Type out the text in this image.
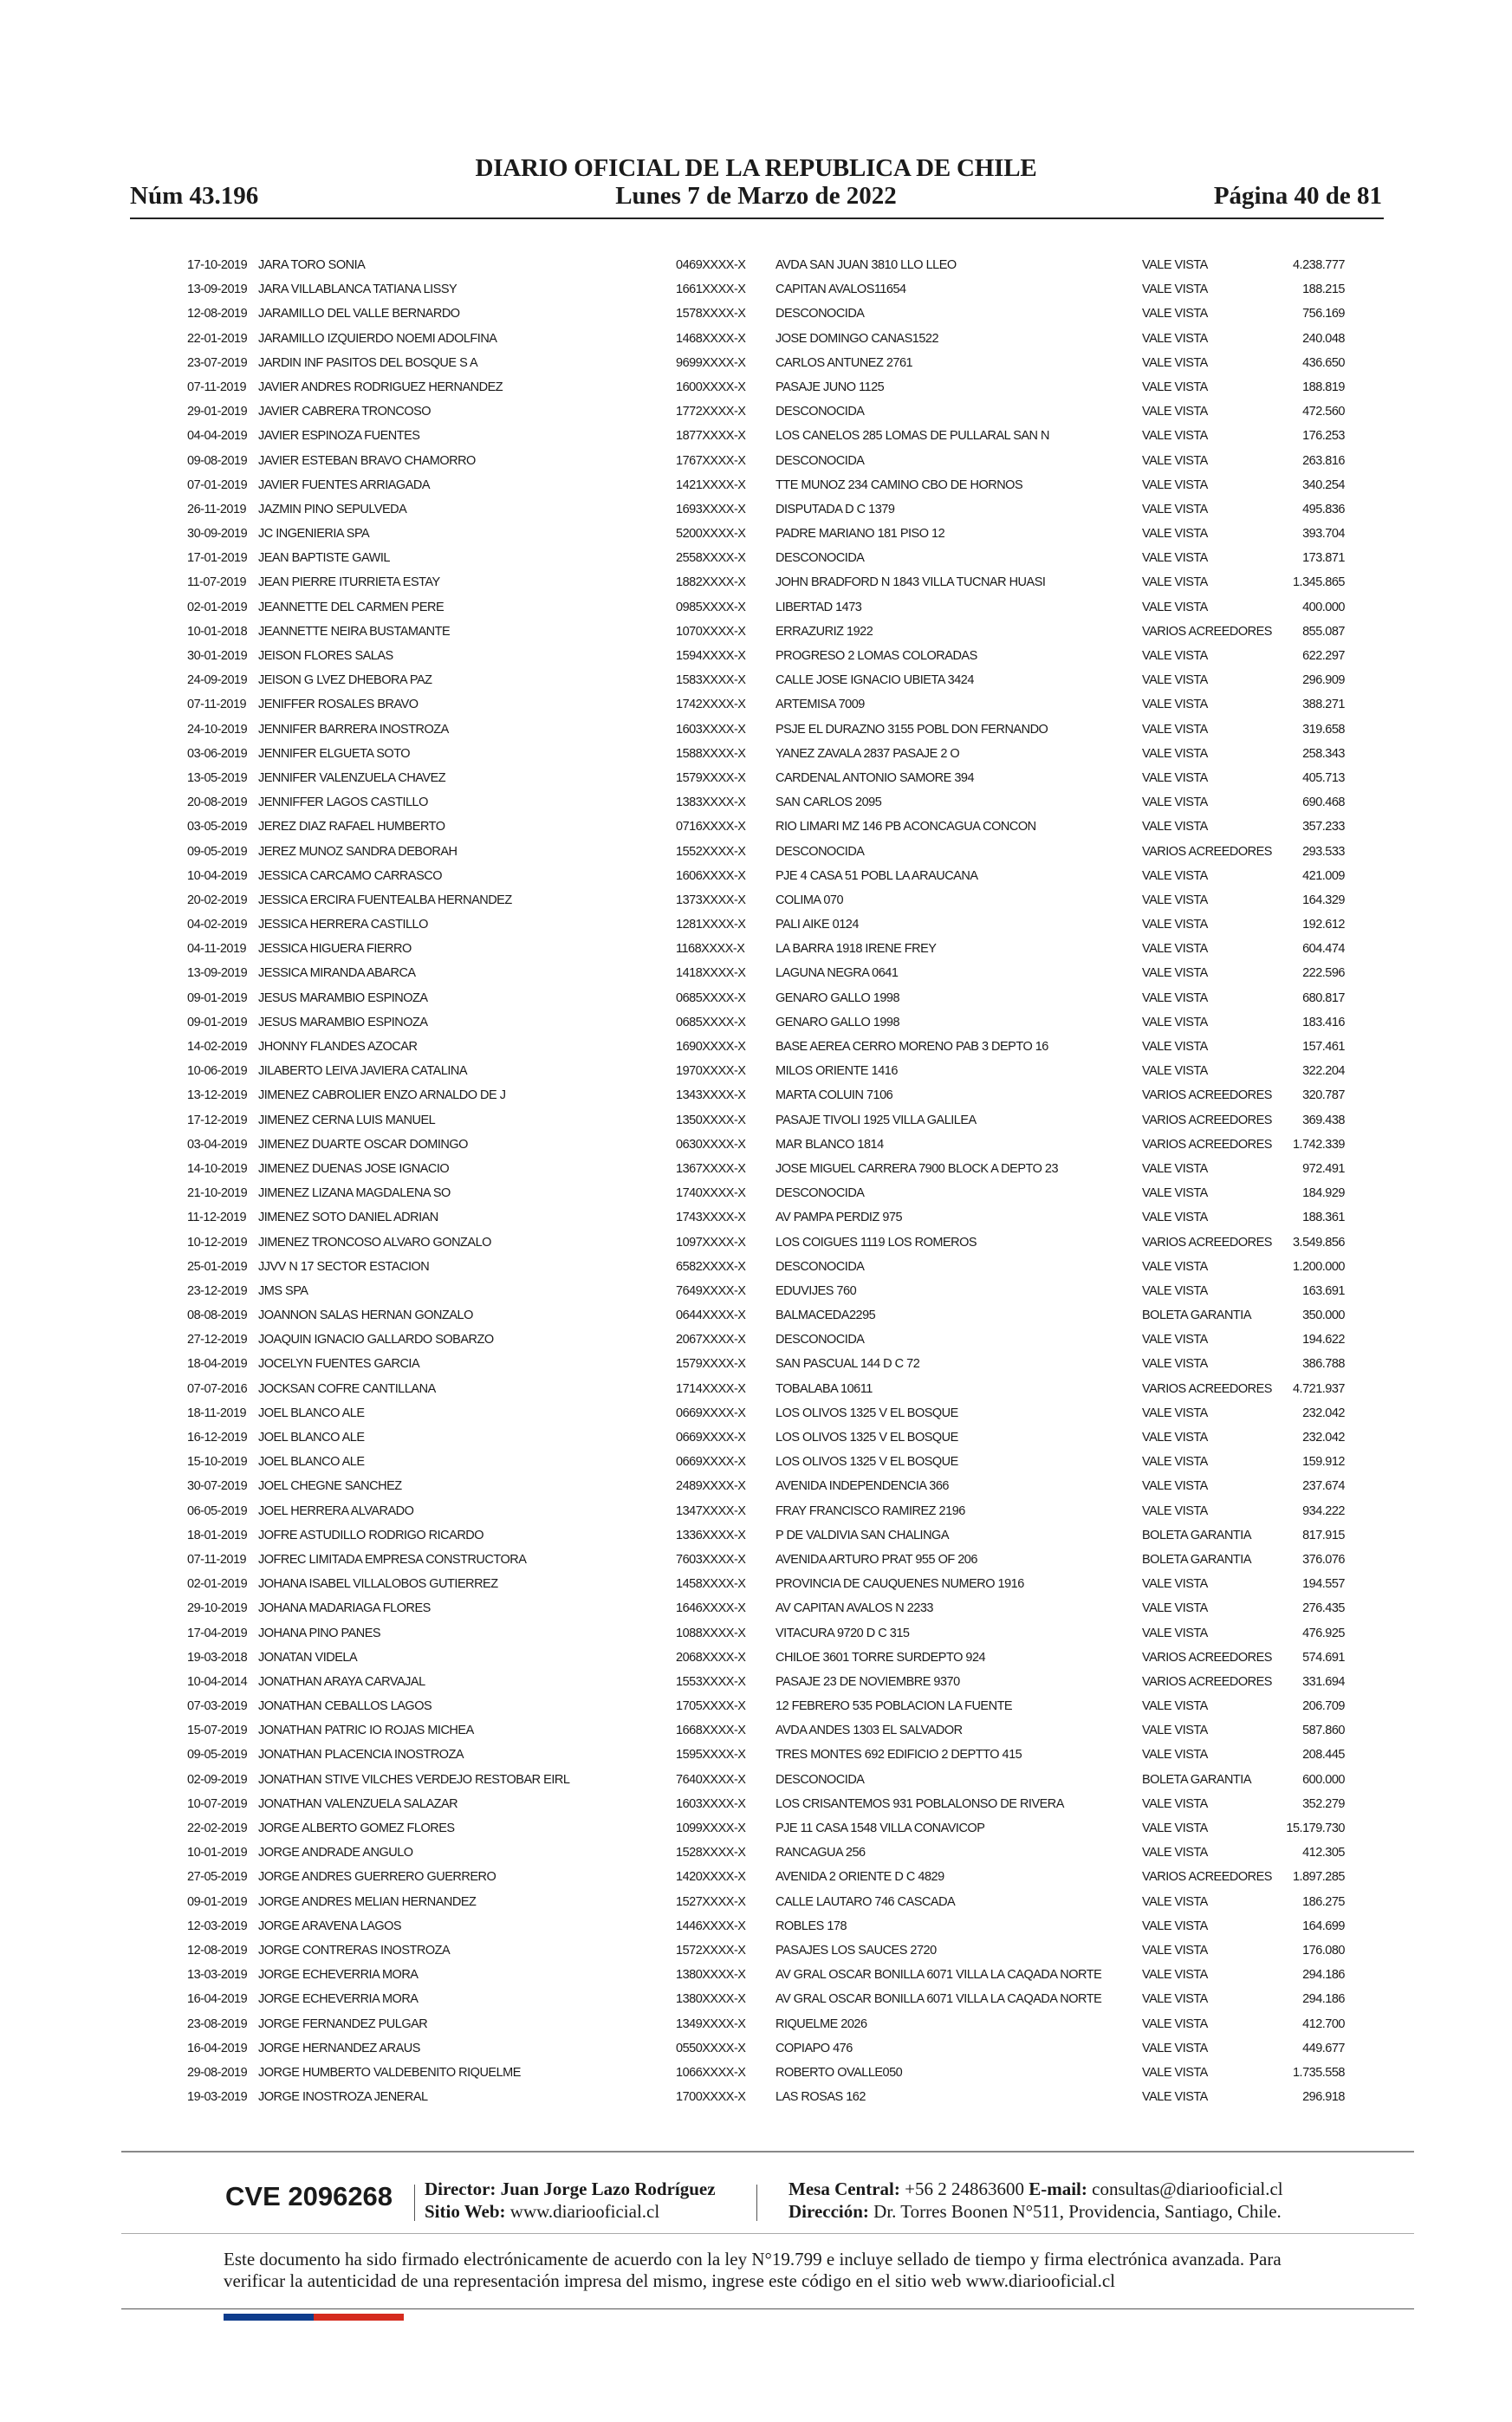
DIARIO OFICIAL DE LA REPUBLICA DE CHILE
Lunes 7 de Marzo de 2022
Núm 43.196	Página 40 de 81
17-10-2019 JARA TORO SONIA	0469XXXX-X AVDA SAN JUAN 3810 LLO LLEO	VALE VISTA	4.238.777
13-09-2019 JARA VILLABLANCA TATIANA LISSY	1661XXXX-X CAPITAN AVALOS11654	VALE VISTA	188.215
12-08-2019 JARAMILLO DEL VALLE BERNARDO	1578XXXX-X DESCONOCIDA	VALE VISTA	756.169
22-01-2019 JARAMILLO IZQUIERDO NOEMI ADOLFINA	1468XXXX-X JOSE DOMINGO CANAS1522	VALE VISTA	240.048
23-07-2019 JARDIN INF PASITOS DEL BOSQUE S A	9699XXXX-X CARLOS ANTUNEZ 2761	VALE VISTA	436.650
07-11-2019 JAVIER ANDRES RODRIGUEZ HERNANDEZ	1600XXXX-X PASAJE JUNO 1125	VALE VISTA	188.819
29-01-2019 JAVIER CABRERA TRONCOSO	1772XXXX-X DESCONOCIDA	VALE VISTA	472.560
04-04-2019 JAVIER ESPINOZA FUENTES	1877XXXX-X LOS CANELOS 285 LOMAS DE PULLARAL SAN N	VALE VISTA	176.253
09-08-2019 JAVIER ESTEBAN BRAVO CHAMORRO	1767XXXX-X DESCONOCIDA	VALE VISTA	263.816
07-01-2019 JAVIER FUENTES ARRIAGADA	1421XXXX-X TTE MUNOZ 234 CAMINO CBO DE HORNOS	VALE VISTA	340.254
26-11-2019 JAZMIN PINO SEPULVEDA	1693XXXX-X DISPUTADA D C 1379	VALE VISTA	495.836
30-09-2019 JC INGENIERIA SPA	5200XXXX-X PADRE MARIANO 181 PISO 12	VALE VISTA	393.704
17-01-2019 JEAN BAPTISTE GAWIL	2558XXXX-X DESCONOCIDA	VALE VISTA	173.871
11-07-2019 JEAN PIERRE ITURRIETA ESTAY	1882XXXX-X JOHN BRADFORD N 1843 VILLA TUCNAR HUASI	VALE VISTA	1.345.865
02-01-2019 JEANNETTE DEL CARMEN PERE	0985XXXX-X LIBERTAD 1473	VALE VISTA	400.000
10-01-2018 JEANNETTE NEIRA BUSTAMANTE	1070XXXX-X ERRAZURIZ 1922	VARIOS ACREEDORES 855.087
30-01-2019 JEISON FLORES SALAS	1594XXXX-X PROGRESO 2 LOMAS COLORADAS	VALE VISTA	622.297
24-09-2019 JEISON G LVEZ DHEBORA PAZ	1583XXXX-X CALLE JOSE IGNACIO UBIETA 3424	VALE VISTA	296.909
07-11-2019 JENIFFER ROSALES BRAVO	1742XXXX-X ARTEMISA 7009	VALE VISTA	388.271
24-10-2019 JENNIFER BARRERA INOSTROZA	1603XXXX-X PSJE EL DURAZNO 3155 POBL DON FERNANDO	VALE VISTA	319.658
03-06-2019 JENNIFER ELGUETA SOTO	1588XXXX-X YANEZ ZAVALA 2837 PASAJE 2 O	VALE VISTA	258.343
13-05-2019 JENNIFER VALENZUELA CHAVEZ	1579XXXX-X CARDENAL ANTONIO SAMORE 394	VALE VISTA	405.713
20-08-2019 JENNIFFER LAGOS CASTILLO	1383XXXX-X SAN CARLOS 2095	VALE VISTA	690.468
03-05-2019 JEREZ DIAZ RAFAEL HUMBERTO	0716XXXX-X RIO LIMARI MZ 146 PB ACONCAGUA CONCON	VALE VISTA	357.233
09-05-2019 JEREZ MUNOZ SANDRA DEBORAH	1552XXXX-X DESCONOCIDA	VARIOS ACREEDORES 293.533
10-04-2019 JESSICA CARCAMO CARRASCO	1606XXXX-X PJE 4 CASA 51 POBL LA ARAUCANA	VALE VISTA	421.009
20-02-2019 JESSICA ERCIRA FUENTEALBA HERNANDEZ	1373XXXX-X COLIMA 070	VALE VISTA	164.329
04-02-2019 JESSICA HERRERA CASTILLO	1281XXXX-X PALI AIKE 0124	VALE VISTA	192.612
04-11-2019 JESSICA HIGUERA FIERRO	1168XXXX-X LA BARRA 1918 IRENE FREY	VALE VISTA	604.474
13-09-2019 JESSICA MIRANDA ABARCA	1418XXXX-X LAGUNA NEGRA 0641	VALE VISTA	222.596
09-01-2019 JESUS MARAMBIO ESPINOZA	0685XXXX-X GENARO GALLO 1998	VALE VISTA	680.817
09-01-2019 JESUS MARAMBIO ESPINOZA	0685XXXX-X GENARO GALLO 1998	VALE VISTA	183.416
14-02-2019 JHONNY FLANDES AZOCAR	1690XXXX-X BASE AEREA CERRO MORENO PAB 3 DEPTO 16	VALE VISTA	157.461
10-06-2019 JILABERTO LEIVA JAVIERA CATALINA	1970XXXX-X MILOS ORIENTE 1416	VALE VISTA	322.204
13-12-2019 JIMENEZ CABROLIER ENZO ARNALDO DE J	1343XXXX-X MARTA COLUIN 7106	VARIOS ACREEDORES 320.787
17-12-2019 JIMENEZ CERNA LUIS MANUEL	1350XXXX-X PASAJE TIVOLI 1925 VILLA GALILEA	VARIOS ACREEDORES 369.438
03-04-2019 JIMENEZ DUARTE OSCAR DOMINGO	0630XXXX-X MAR BLANCO 1814	VARIOS ACREEDORES 1.742.339
14-10-2019 JIMENEZ DUENAS JOSE IGNACIO	1367XXXX-X JOSE MIGUEL CARRERA 7900 BLOCK A DEPTO 23	VALE VISTA	972.491
21-10-2019 JIMENEZ LIZANA MAGDALENA SO	1740XXXX-X DESCONOCIDA	VALE VISTA	184.929
11-12-2019 JIMENEZ SOTO DANIEL ADRIAN	1743XXXX-X AV PAMPA PERDIZ 975	VALE VISTA	188.361
10-12-2019 JIMENEZ TRONCOSO ALVARO GONZALO	1097XXXX-X LOS COIGUES 1119 LOS ROMEROS	VARIOS ACREEDORES 3.549.856
25-01-2019 JJVV N 17 SECTOR ESTACION	6582XXXX-X DESCONOCIDA	VALE VISTA	1.200.000
23-12-2019 JMS SPA	7649XXXX-X EDUVIJES 760	VALE VISTA	163.691
08-08-2019 JOANNON SALAS HERNAN GONZALO	0644XXXX-X BALMACEDA2295	BOLETA GARANTIA	350.000
27-12-2019 JOAQUIN IGNACIO GALLARDO SOBARZO	2067XXXX-X DESCONOCIDA	VALE VISTA	194.622
18-04-2019 JOCELYN FUENTES GARCIA	1579XXXX-X SAN PASCUAL 144 D C 72	VALE VISTA	386.788
07-07-2016 JOCKSAN COFRE CANTILLANA	1714XXXX-X TOBALABA 10611	VARIOS ACREEDORES 4.721.937
18-11-2019 JOEL BLANCO ALE	0669XXXX-X LOS OLIVOS 1325 V EL BOSQUE	VALE VISTA	232.042
16-12-2019 JOEL BLANCO ALE	0669XXXX-X LOS OLIVOS 1325 V EL BOSQUE	VALE VISTA	232.042
15-10-2019 JOEL BLANCO ALE	0669XXXX-X LOS OLIVOS 1325 V EL BOSQUE	VALE VISTA	159.912
30-07-2019 JOEL CHEGNE SANCHEZ	2489XXXX-X AVENIDA INDEPENDENCIA 366	VALE VISTA	237.674
06-05-2019 JOEL HERRERA ALVARADO	1347XXXX-X FRAY FRANCISCO RAMIREZ 2196	VALE VISTA	934.222
18-01-2019 JOFRE ASTUDILLO RODRIGO RICARDO	1336XXXX-X P DE VALDIVIA SAN CHALINGA	BOLETA GARANTIA	817.915
07-11-2019 JOFREC LIMITADA EMPRESA CONSTRUCTORA	7603XXXX-X AVENIDA ARTURO PRAT 955 OF 206	BOLETA GARANTIA	376.076
02-01-2019 JOHANA ISABEL VILLALOBOS GUTIERREZ	1458XXXX-X PROVINCIA DE CAUQUENES NUMERO 1916	VALE VISTA	194.557
29-10-2019 JOHANA MADARIAGA FLORES	1646XXXX-X AV CAPITAN AVALOS N 2233	VALE VISTA	276.435
17-04-2019 JOHANA PINO PANES	1088XXXX-X VITACURA 9720 D C 315	VALE VISTA	476.925
19-03-2018 JONATAN VIDELA	2068XXXX-X CHILOE 3601 TORRE SURDEPTO 924	VARIOS ACREEDORES 574.691
10-04-2014 JONATHAN ARAYA CARVAJAL	1553XXXX-X PASAJE 23 DE NOVIEMBRE 9370	VARIOS ACREEDORES 331.694
07-03-2019 JONATHAN CEBALLOS LAGOS	1705XXXX-X 12 FEBRERO 535 POBLACION LA FUENTE	VALE VISTA	206.709
15-07-2019 JONATHAN PATRIC IO ROJAS MICHEA	1668XXXX-X AVDA ANDES 1303 EL SALVADOR	VALE VISTA	587.860
09-05-2019 JONATHAN PLACENCIA INOSTROZA	1595XXXX-X TRES MONTES 692 EDIFICIO 2 DEPTTO 415	VALE VISTA	208.445
02-09-2019 JONATHAN STIVE VILCHES VERDEJO RESTOBAR EIRL	7640XXXX-X DESCONOCIDA	BOLETA GARANTIA	600.000
10-07-2019 JONATHAN VALENZUELA SALAZAR	1603XXXX-X LOS CRISANTEMOS 931 POBLALONSO DE RIVERA	VALE VISTA	352.279
22-02-2019 JORGE ALBERTO GOMEZ FLORES	1099XXXX-X PJE 11 CASA 1548 VILLA CONAVICOP	VALE VISTA	15.179.730
10-01-2019 JORGE ANDRADE ANGULO	1528XXXX-X RANCAGUA 256	VALE VISTA	412.305
27-05-2019 JORGE ANDRES GUERRERO GUERRERO	1420XXXX-X AVENIDA 2 ORIENTE D C 4829	VARIOS ACREEDORES 1.897.285
09-01-2019 JORGE ANDRES MELIAN HERNANDEZ	1527XXXX-X CALLE LAUTARO 746 CASCADA	VALE VISTA	186.275
12-03-2019 JORGE ARAVENA LAGOS	1446XXXX-X ROBLES 178	VALE VISTA	164.699
12-08-2019 JORGE CONTRERAS INOSTROZA	1572XXXX-X PASAJES LOS SAUCES 2720	VALE VISTA	176.080
13-03-2019 JORGE ECHEVERRIA MORA	1380XXXX-X AV GRAL OSCAR BONILLA 6071 VILLA LA CAQADA NORTE	VALE VISTA	294.186
16-04-2019 JORGE ECHEVERRIA MORA	1380XXXX-X AV GRAL OSCAR BONILLA 6071 VILLA LA CAQADA NORTE	VALE VISTA	294.186
23-08-2019 JORGE FERNANDEZ PULGAR	1349XXXX-X RIQUELME 2026	VALE VISTA	412.700
16-04-2019 JORGE HERNANDEZ ARAUS	0550XXXX-X COPIAPO 476	VALE VISTA	449.677
29-08-2019 JORGE HUMBERTO VALDEBENITO RIQUELME	1066XXXX-X ROBERTO OVALLE050	VALE VISTA	1.735.558
19-03-2019 JORGE INOSTROZA JENERAL	1700XXXX-X LAS ROSAS 162	VALE VISTA	296.918
CVE 2096268 Director: Juan Jorge Lazo Rodríguez
Sitio Web: www.diariooficial.cl
Mesa Central: +56 2 24863600 E-mail: consultas@diariooficial.cl
Dirección: Dr. Torres Boonen N°511, Providencia, Santiago, Chile.
Este documento ha sido firmado electrónicamente de acuerdo con la ley N°19.799 e incluye sellado de tiempo y firma electrónica avanzada. Para verificar la autenticidad de una representación impresa del mismo, ingrese este código en el sitio web www.diariooficial.cl
